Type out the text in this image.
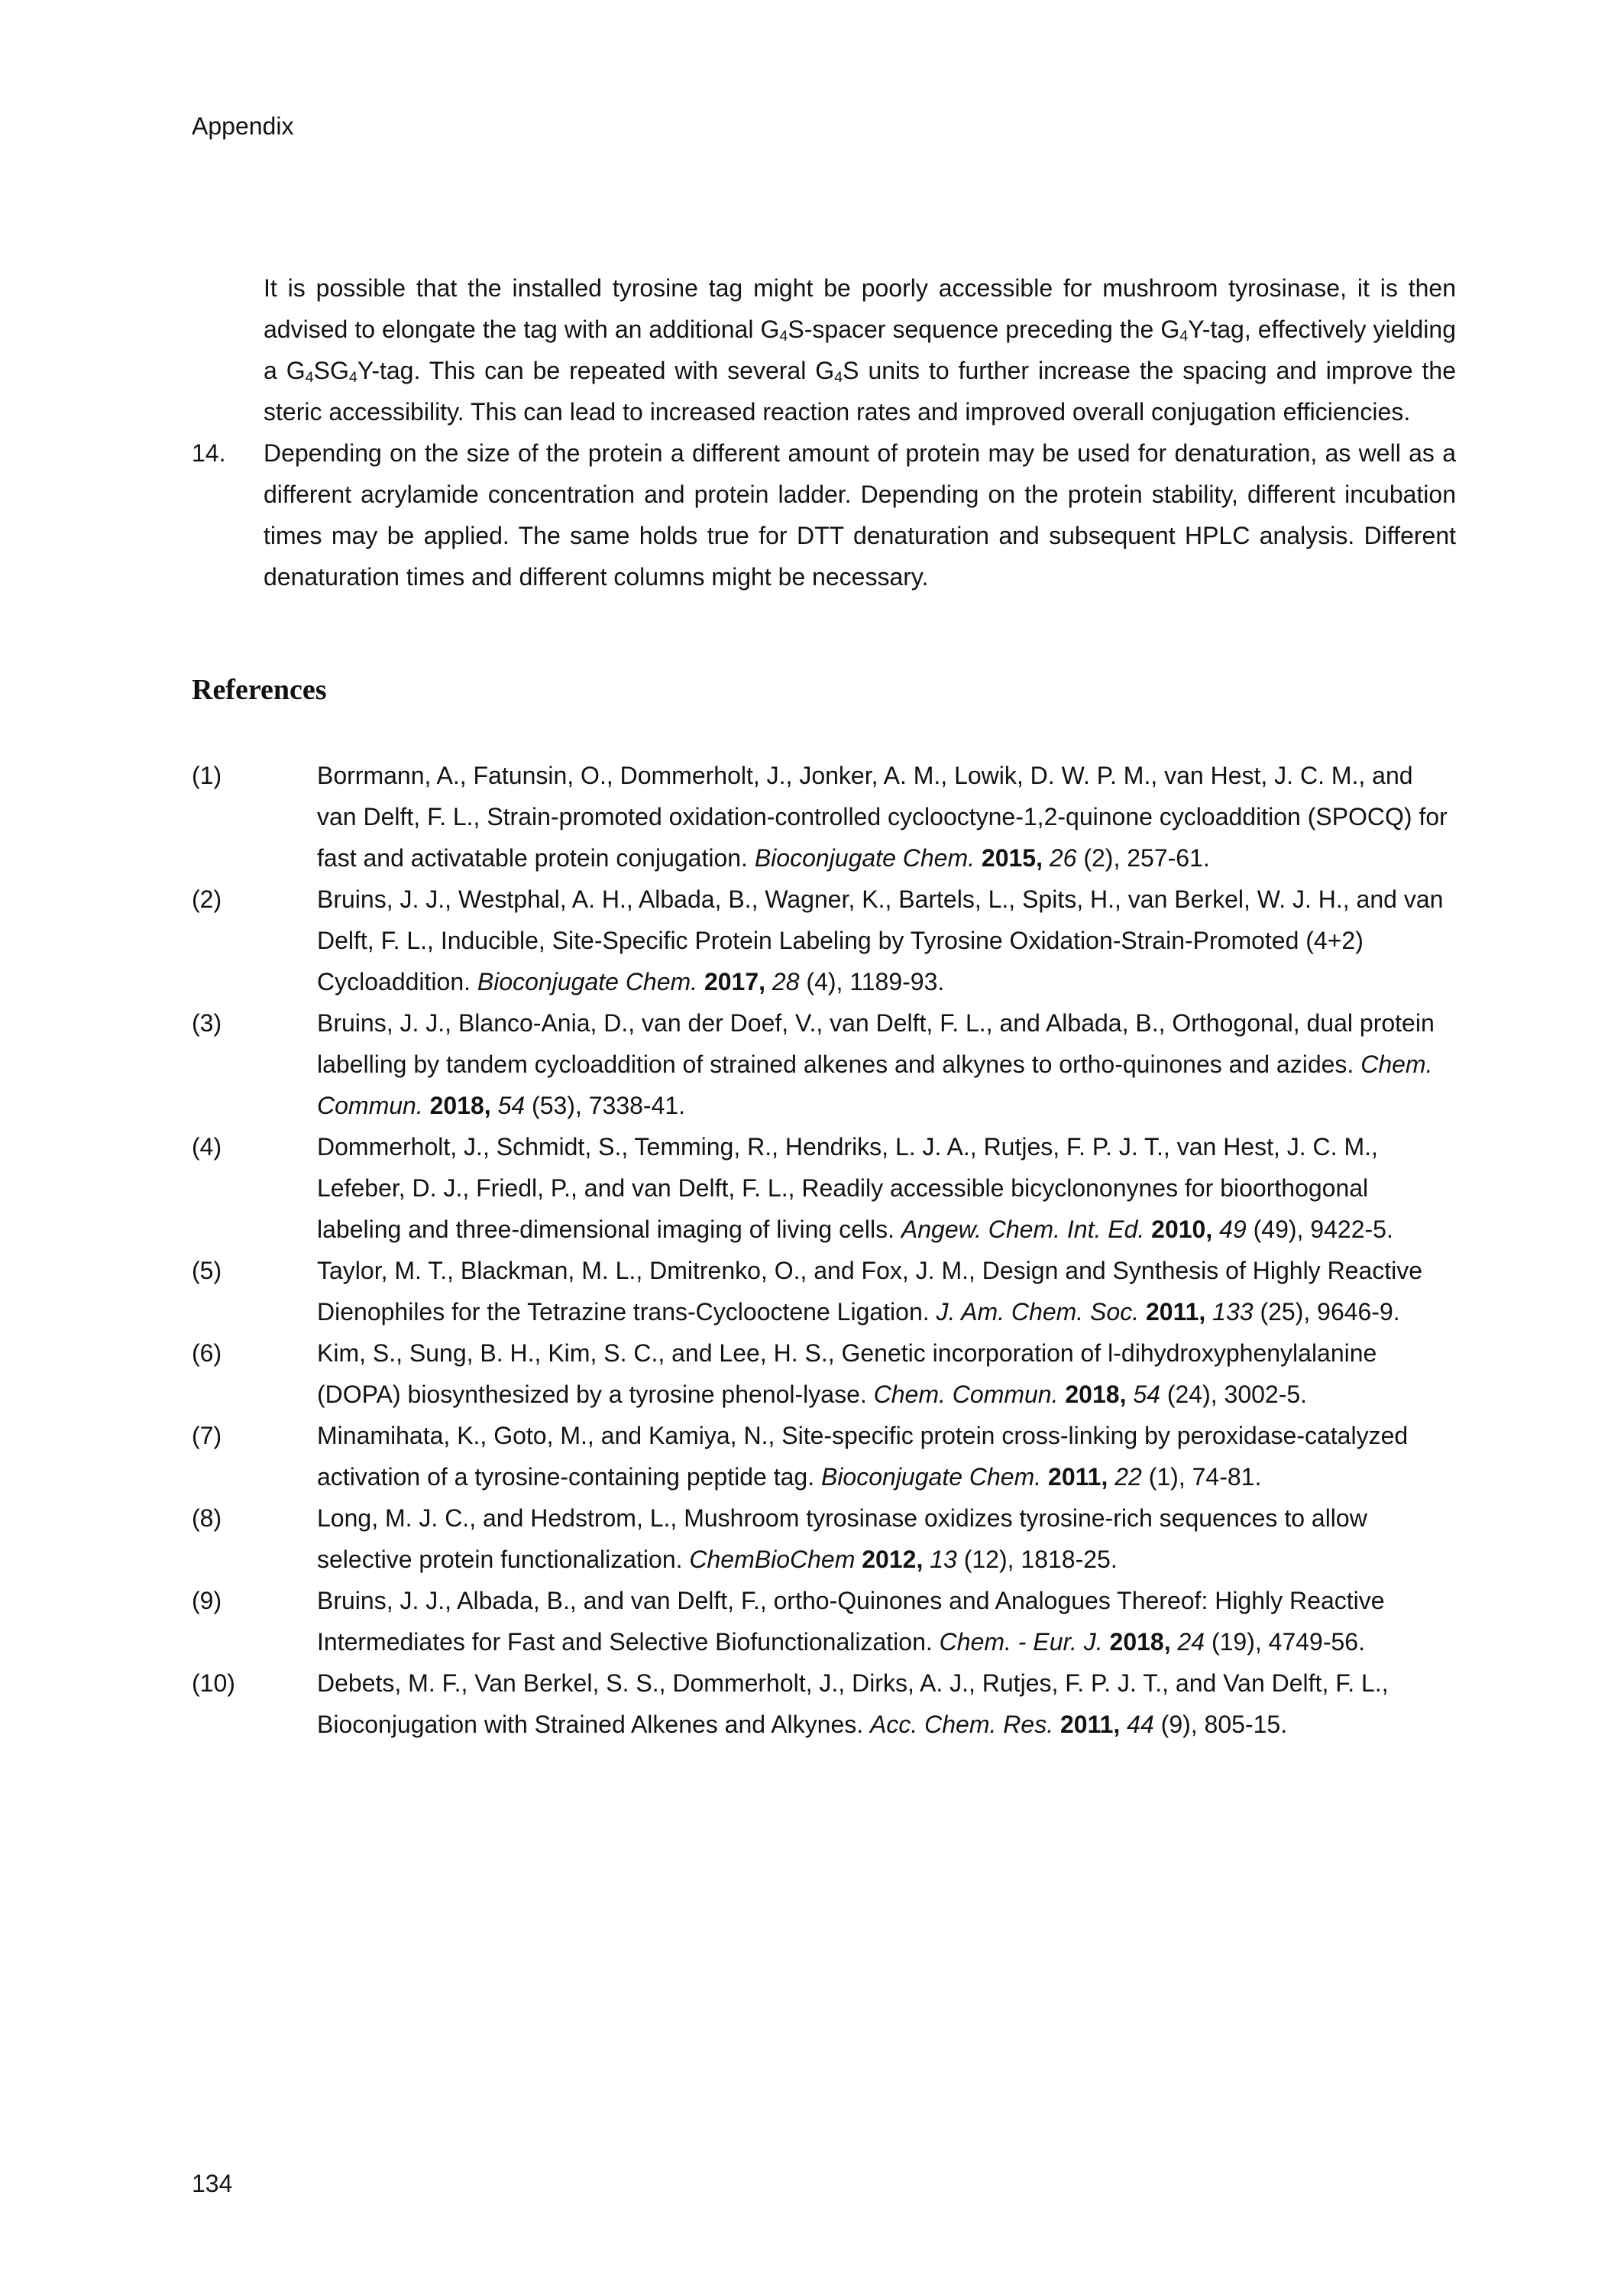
Appendix
It is possible that the installed tyrosine tag might be poorly accessible for mushroom tyrosinase, it is then advised to elongate the tag with an additional G4S-spacer sequence preceding the G4Y-tag, effectively yielding a G4SG4Y-tag. This can be repeated with several G4S units to further increase the spacing and improve the steric accessibility. This can lead to increased reaction rates and improved overall conjugation efficiencies.
14.	Depending on the size of the protein a different amount of protein may be used for denaturation, as well as a different acrylamide concentration and protein ladder. Depending on the protein stability, different incubation times may be applied. The same holds true for DTT denaturation and subsequent HPLC analysis. Different denaturation times and different columns might be necessary.
References
(1)	Borrmann, A., Fatunsin, O., Dommerholt, J., Jonker, A. M., Lowik, D. W. P. M., van Hest, J. C. M., and van Delft, F. L., Strain-promoted oxidation-controlled cyclooctyne-1,2-quinone cycloaddition (SPOCQ) for fast and activatable protein conjugation. Bioconjugate Chem. 2015, 26 (2), 257-61.
(2)	Bruins, J. J., Westphal, A. H., Albada, B., Wagner, K., Bartels, L., Spits, H., van Berkel, W. J. H., and van Delft, F. L., Inducible, Site-Specific Protein Labeling by Tyrosine Oxidation-Strain-Promoted (4+2) Cycloaddition. Bioconjugate Chem. 2017, 28 (4), 1189-93.
(3)	Bruins, J. J., Blanco-Ania, D., van der Doef, V., van Delft, F. L., and Albada, B., Orthogonal, dual protein labelling by tandem cycloaddition of strained alkenes and alkynes to ortho-quinones and azides. Chem. Commun. 2018, 54 (53), 7338-41.
(4)	Dommerholt, J., Schmidt, S., Temming, R., Hendriks, L. J. A., Rutjes, F. P. J. T., van Hest, J. C. M., Lefeber, D. J., Friedl, P., and van Delft, F. L., Readily accessible bicyclononynes for bioorthogonal labeling and three-dimensional imaging of living cells. Angew. Chem. Int. Ed. 2010, 49 (49), 9422-5.
(5)	Taylor, M. T., Blackman, M. L., Dmitrenko, O., and Fox, J. M., Design and Synthesis of Highly Reactive Dienophiles for the Tetrazine trans-Cyclooctene Ligation. J. Am. Chem. Soc. 2011, 133 (25), 9646-9.
(6)	Kim, S., Sung, B. H., Kim, S. C., and Lee, H. S., Genetic incorporation of l-dihydroxyphenylalanine (DOPA) biosynthesized by a tyrosine phenol-lyase. Chem. Commun. 2018, 54 (24), 3002-5.
(7)	Minamihata, K., Goto, M., and Kamiya, N., Site-specific protein cross-linking by peroxidase-catalyzed activation of a tyrosine-containing peptide tag. Bioconjugate Chem. 2011, 22 (1), 74-81.
(8)	Long, M. J. C., and Hedstrom, L., Mushroom tyrosinase oxidizes tyrosine-rich sequences to allow selective protein functionalization. ChemBioChem 2012, 13 (12), 1818-25.
(9)	Bruins, J. J., Albada, B., and van Delft, F., ortho-Quinones and Analogues Thereof: Highly Reactive Intermediates for Fast and Selective Biofunctionalization. Chem. - Eur. J. 2018, 24 (19), 4749-56.
(10)	Debets, M. F., Van Berkel, S. S., Dommerholt, J., Dirks, A. J., Rutjes, F. P. J. T., and Van Delft, F. L., Bioconjugation with Strained Alkenes and Alkynes. Acc. Chem. Res. 2011, 44 (9), 805-15.
134
